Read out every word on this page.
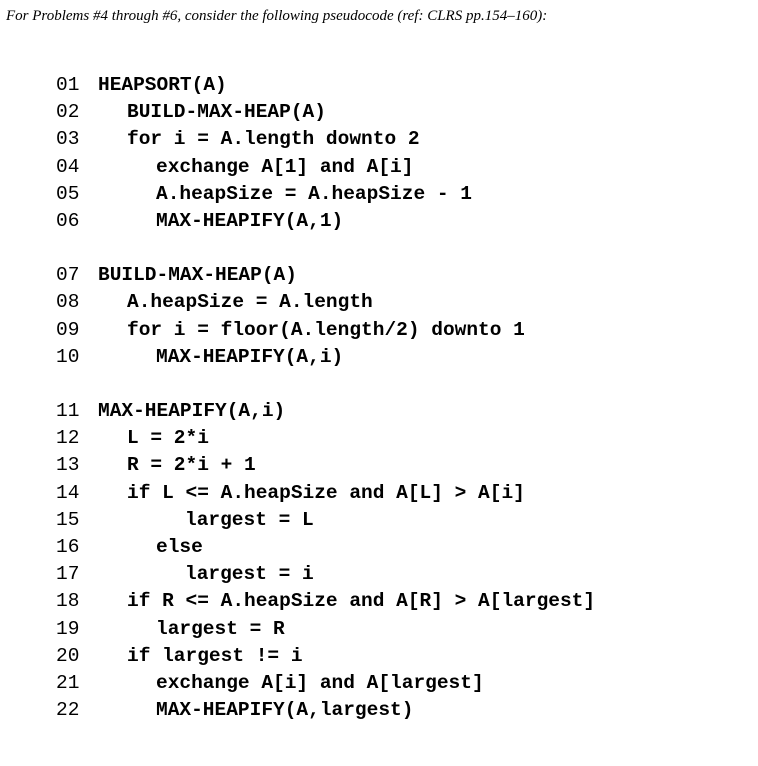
For Problems #4 through #6, consider the following pseudocode (ref: CLRS pp.154–160):
01 HEAPSORT(A)
02 BUILD-MAX-HEAP(A)
03 for i = A.length downto 2
04	exchange A[1] and A[i]
05	A.heapSize = A.heapSize - 1
06	MAX-HEAPIFY(A,1)
07 BUILD-MAX-HEAP(A)
08 A.heapSize = A.length
09 for i = floor(A.length/2) downto 1
10	MAX-HEAPIFY(A,i)
11 MAX-HEAPIFY(A,i)
12 L = 2*i
13 R = 2*i + 1
14 if L <= A.heapSize and A[L] > A[i]
15	largest = L
16	else
17	largest = i
18 if R <= A.heapSize and A[R] > A[largest]
19	largest = R
20 if largest != i
21	exchange A[i] and A[largest]
22	MAX-HEAPIFY(A,largest)
